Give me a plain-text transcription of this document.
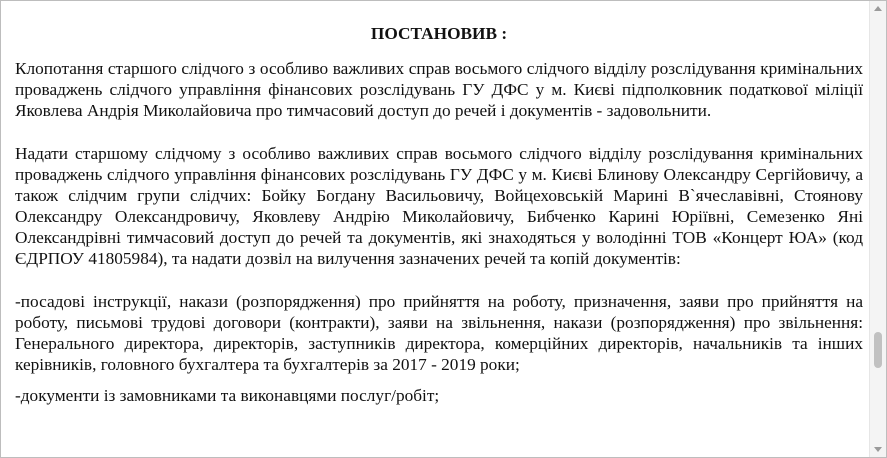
ПОСТАНОВИВ :
Клопотання старшого слідчого з особливо важливих справ восьмого слідчого відділу розслідування кримінальних проваджень слідчого управління фінансових розслідувань ГУ ДФС у м. Києві підполковник податкової міліції Яковлева Андрія Миколайовича про тимчасовий доступ до речей і документів - задовольнити.
Надати старшому слідчому з особливо важливих справ восьмого слідчого відділу розслідування кримінальних проваджень слідчого управління фінансових розслідувань ГУ ДФС у м. Києві Блинову Олександру Сергійовичу, а також слідчим групи слідчих: Бойку Богдану Васильовичу, Войцеховській Марині В`ячеславівні, Стоянову Олександру Олександровичу, Яковлеву Андрію Миколайовичу, Бибченко Карині Юріївні, Семезенко Яні Олександрівні тимчасовий доступ до речей та документів, які знаходяться у володінні ТОВ «Концерт ЮА» (код ЄДРПОУ 41805984), та надати дозвіл на вилучення зазначених речей та копій документів:
-посадові інструкції, накази (розпорядження) про прийняття на роботу, призначення, заяви про прийняття на роботу, письмові трудові договори (контракти), заяви на звільнення, накази (розпорядження) про звільнення: Генерального директора, директорів, заступників директора, комерційних директорів, начальників та інших керівників, головного бухгалтера та бухгалтерів за 2017 - 2019 роки;
-документи із замовниками та виконавцями послуг/робіт;
